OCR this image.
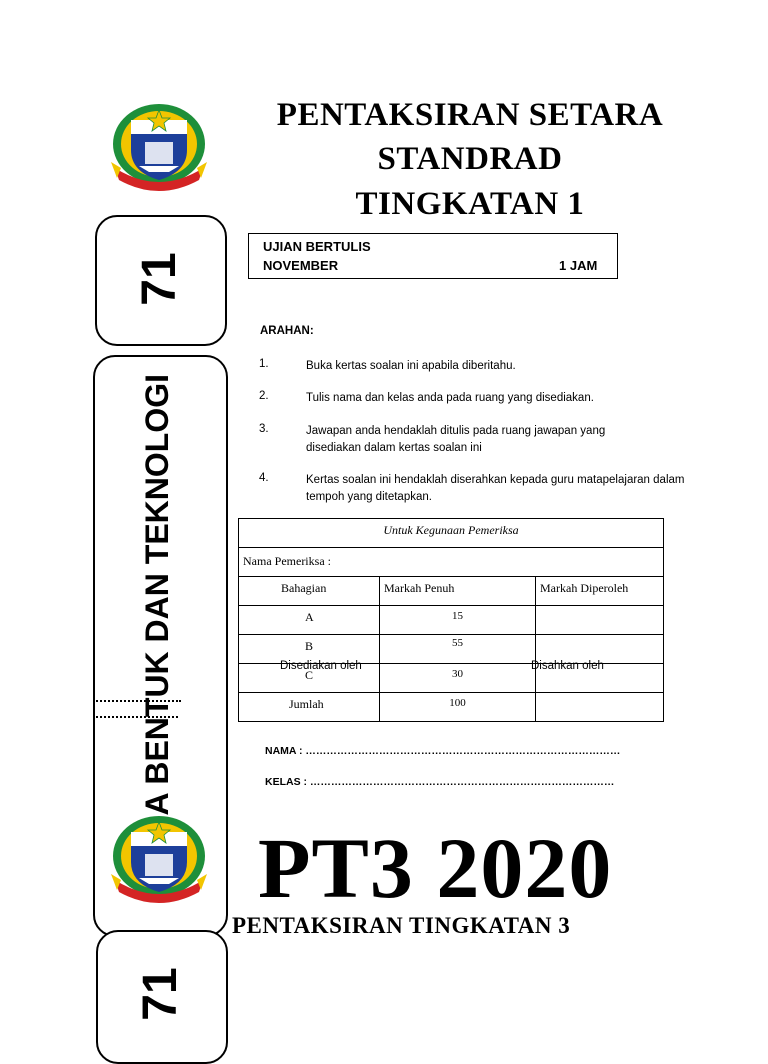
PENTAKSIRAN SETARA
STANDRAD
TINGKATAN 1
71
UJIAN BERTULIS
NOVEMBER	1 JAM
ARAHAN:
1.	Buka kertas soalan ini apabila diberitahu.
2.	Tulis nama dan kelas anda pada ruang yang disediakan.
3.	Jawapan anda hendaklah ditulis pada ruang jawapan yang disediakan dalam kertas soalan ini
4.	Kertas soalan ini hendaklah diserahkan kepada guru matapelajaran dalam tempoh yang ditetapkan.
A BENTUK DAN TEKNOLOGI	Untuk Kegunaan Pemeriksa		
Nama Pemeriksa :		
Bahagian	Markah Penuh	Markah Diperoleh
A	15	
B	55	
C	30	
Jumlah	100	
Disediakan oleh	Disahkan oleh
NAMA : ………………………………………………………………………………
KELAS : ……………………………………………………………………………
PT3 2020
PENTAKSIRAN TINGKATAN 3
71
